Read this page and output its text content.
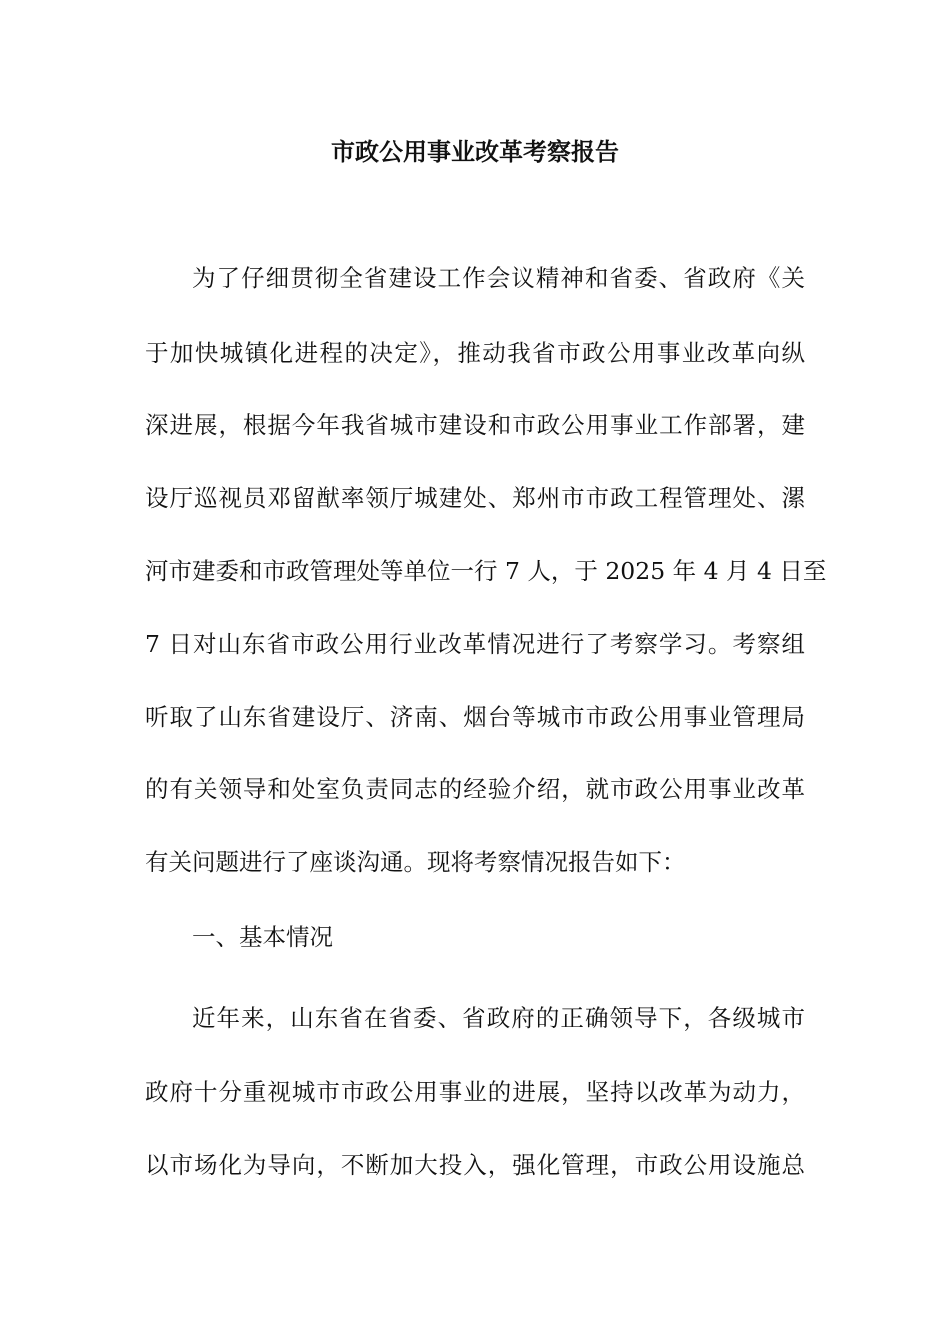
市政公用事业改革考察报告

为了仔细贯彻全省建设工作会议精神和省委、省政府《关

于加快城镇化进程的决定》，推动我省市政公用事业改革向纵

深进展，根据今年我省城市建设和市政公用事业工作部署，建

设厅巡视员邓留猷率领厅城建处、郑州市市政工程管理处、漯

河市建委和市政管理处等单位一行 7 人，于 2025 年 4 月 4 日至

7 日对山东省市政公用行业改革情况进行了考察学习。考察组

听取了山东省建设厅、济南、烟台等城市市政公用事业管理局

的有关领导和处室负责同志的经验介绍，就市政公用事业改革

有关问题进行了座谈沟通。现将考察情况报告如下：

一、基本情况

近年来，山东省在省委、省政府的正确领导下，各级城市

政府十分重视城市市政公用事业的进展，坚持以改革为动力，

以市场化为导向，不断加大投入，强化管理，市政公用设施总
